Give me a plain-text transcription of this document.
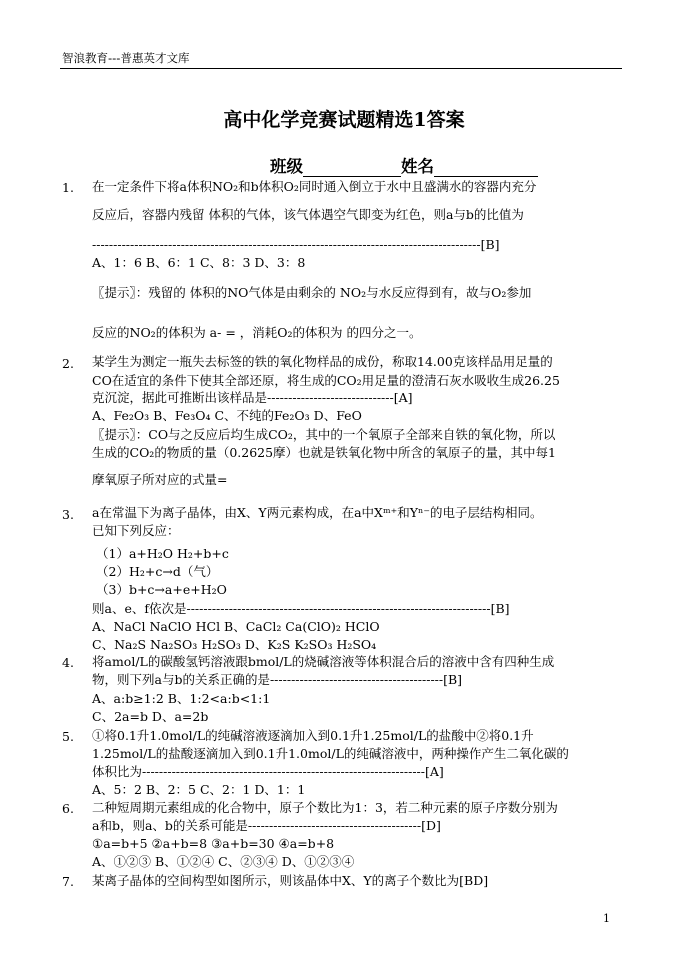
智浪教育---普惠英才文库
高中化学竞赛试题精选1答案
班级	姓名
1. 在一定条件下将a体积NO₂和b体积O₂同时通入倒立于水中且盛满水的容器内充分
反应后，容器内残留 体积的气体，该气体遇空气即变为红色，则a与b的比值为
--------------------------------------------------------------------------------------------[B]
A、1：6 B、6：1 C、8：3 D、3：8
〖提示〗：残留的 体积的NO气体是由剩余的 NO₂与水反应得到有，故与O₂参加
反应的NO₂的体积为 a- = ，消耗O₂的体积为 的四分之一。
2. 某学生为测定一瓶失去标签的铁的氧化物样品的成份，称取14.00克该样品用足量的
CO在适宜的条件下使其全部还原，将生成的CO₂用足量的澄清石灰水吸收生成26.25
克沉淀，据此可推断出该样品是------------------------------[A]
A、Fe₂O₃ B、Fe₃O₄ C、不纯的Fe₂O₃ D、FeO
〖提示〗：CO与之反应后均生成CO₂，其中的一个氧原子全部来自铁的氧化物，所以
生成的CO₂的物质的量（0.2625摩）也就是铁氧化物中所含的氧原子的量，其中每1
摩氧原子所对应的式量=
3. a在常温下为离子晶体，由X、Y两元素构成，在a中Xᵐ⁺和Yⁿ⁻的电子层结构相同。
已知下列反应：
（1）a+H₂O H₂+b+c
（2）H₂+c→d（气）
（3）b+c→a+e+H₂O
则a、e、f依次是------------------------------------------------------------------------[B]
A、NaCl NaClO HCl B、CaCl₂ Ca(ClO)₂ HClO
C、Na₂S Na₂SO₃ H₂SO₃ D、K₂S K₂SO₃ H₂SO₄
4. 将amol/L的碳酸氢钙溶液跟bmol/L的烧碱溶液等体积混合后的溶液中含有四种生成
物，则下列a与b的关系正确的是-----------------------------------------[B]
A、a:b≥1:2 B、1:2<a:b<1:1
C、2a=b D、a=2b
5. ①将0.1升1.0mol/L的纯碱溶液逐滴加入到0.1升1.25mol/L的盐酸中②将0.1升
1.25mol/L的盐酸逐滴加入到0.1升1.0mol/L的纯碱溶液中，两种操作产生二氧化碳的
体积比为-------------------------------------------------------------------[A]
A、5：2 B、2：5 C、2：1 D、1：1
6. 二种短周期元素组成的化合物中，原子个数比为1：3，若二种元素的原子序数分别为
a和b，则a、b的关系可能是-----------------------------------------[D]
①a=b+5 ②a+b=8 ③a+b=30 ④a=b+8
A、①②③ B、①②④ C、②③④ D、①②③④
7. 某离子晶体的空间构型如图所示，则该晶体中X、Y的离子个数比为[BD]
1
